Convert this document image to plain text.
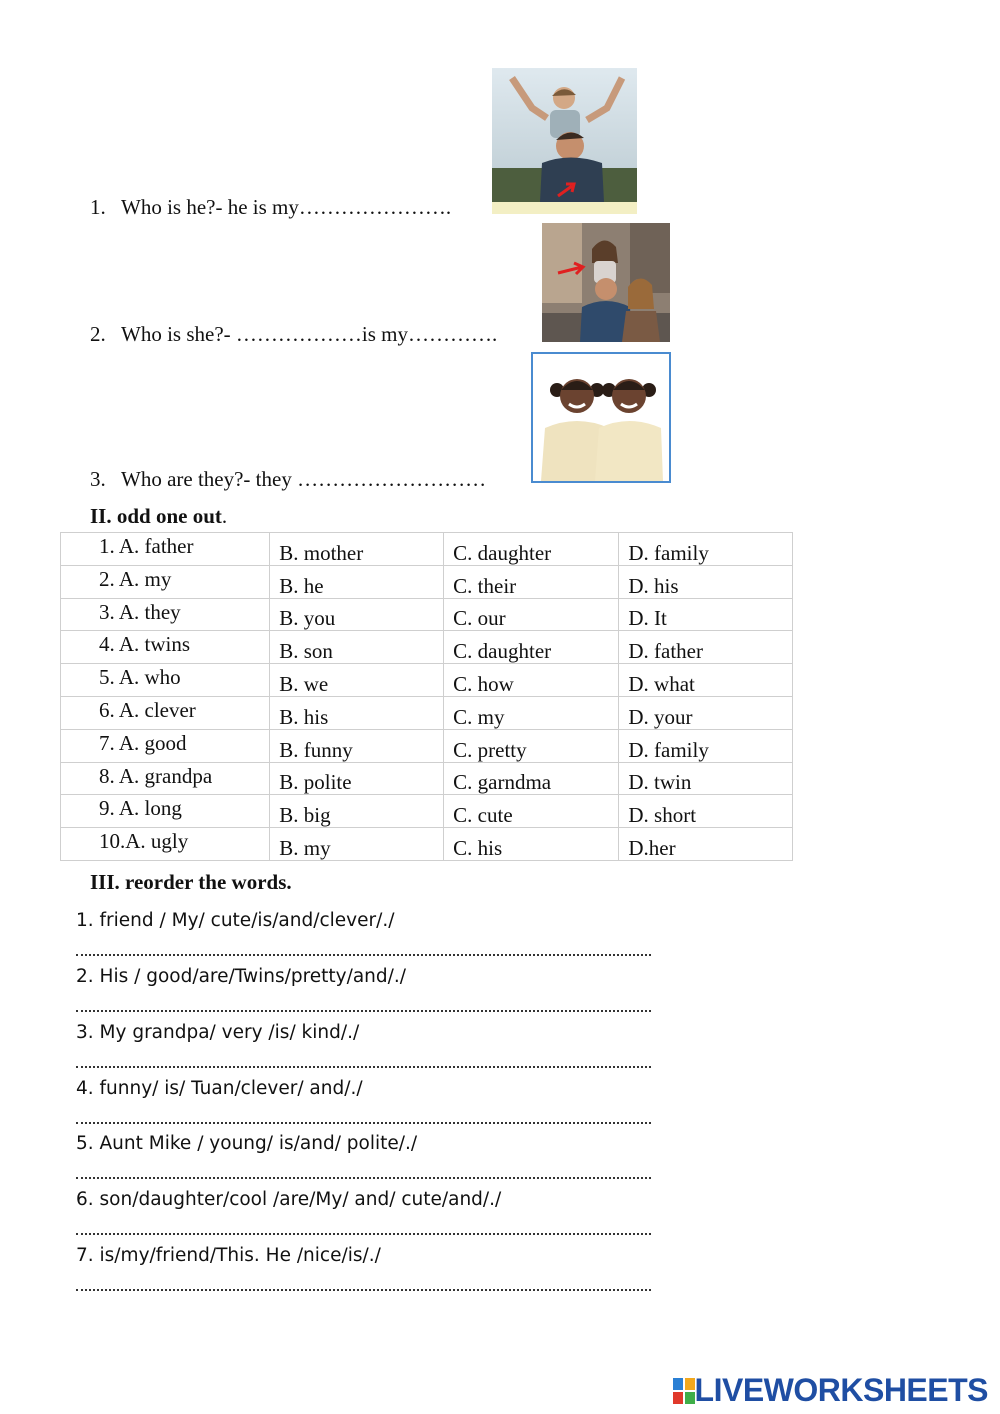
1. Who is he?- he is my………………….
2. Who is she?- ………………is my………….
3. Who are they?- they ………………………
II. odd one out.
1. A. father	B. mother	C. daughter	D. family
2. A. my	B. he	C. their	D. his
3. A. they	B. you	C. our	D. It
4. A. twins	B. son	C. daughter	D. father
5. A. who	B. we	C. how	D. what
6. A. clever	B. his	C. my	D. your
7. A. good	B. funny	C. pretty	D. family
8. A. grandpa	B. polite	C. garndma	D. twin
9. A. long	B. big	C. cute	D. short
10.A. ugly	B. my	C. his	D.her
III. reorder the words.
1. friend / My/ cute/is/and/clever/./
2. His / good/are/Twins/pretty/and/./
3. My grandpa/ very /is/ kind/./
4. funny/ is/ Tuan/clever/ and/./
5. Aunt Mike / young/ is/and/ polite/./
6. son/daughter/cool /are/My/ and/ cute/and/./
7. is/my/friend/This. He /nice/is/./
LIVEWORKSHEETS
